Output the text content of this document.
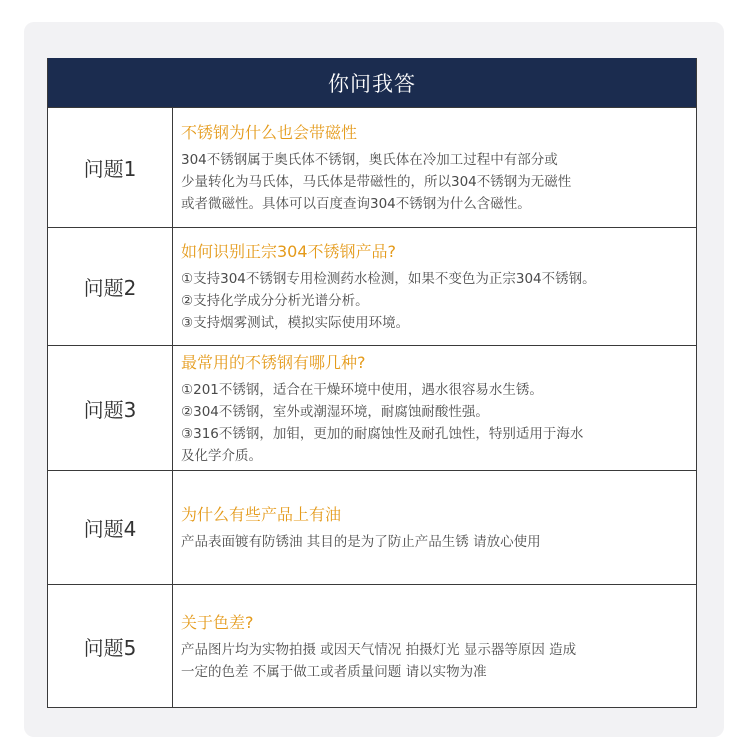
你问我答
问题1
不锈钢为什么也会带磁性
304不锈钢属于奥氏体不锈钢，奥氏体在冷加工过程中有部分或
少量转化为马氏体，马氏体是带磁性的，所以304不锈钢为无磁性
或者微磁性。具体可以百度查询304不锈钢为什么含磁性。
问题2
如何识别正宗304不锈钢产品?
①支持304不锈钢专用检测药水检测，如果不变色为正宗304不锈钢。
②支持化学成分分析光谱分析。
③支持烟雾测试，模拟实际使用环境。
问题3
最常用的不锈钢有哪几种?
①201不锈钢，适合在干燥环境中使用，遇水很容易水生锈。
②304不锈钢，室外或潮湿环境，耐腐蚀耐酸性强。
③316不锈钢，加钼，更加的耐腐蚀性及耐孔蚀性，特别适用于海水
及化学介质。
问题4
为什么有些产品上有油
产品表面镀有防锈油 其目的是为了防止产品生锈 请放心使用
问题5
关于色差?
产品图片均为实物拍摄 或因天气情况 拍摄灯光 显示器等原因 造成
一定的色差 不属于做工或者质量问题 请以实物为准
